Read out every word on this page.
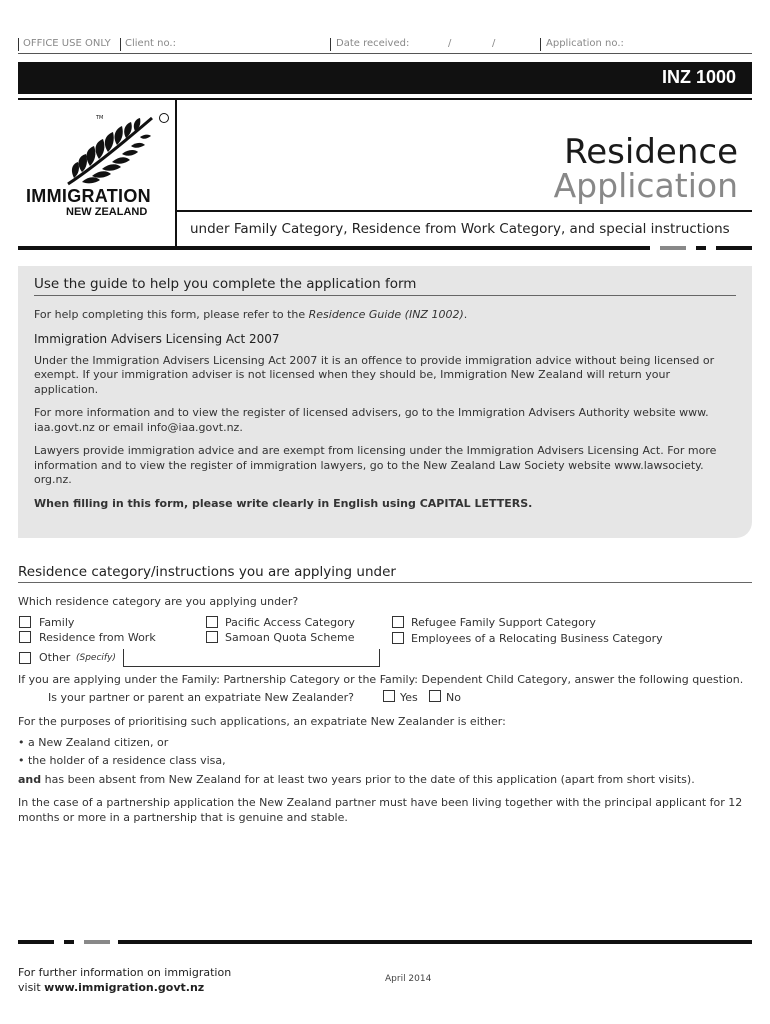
OFFICE USE ONLY Client no.:	Date received:	/	/	Application no.:
INZ 1000
TM
IMMIGRATION
NEW ZEALAND
Residence
Application
under Family Category, Residence from Work Category, and special instructions
Use the guide to help you complete the application form

For help completing this form, please refer to the Residence Guide (INZ 1002).

Immigration Advisers Licensing Act 2007

Under the Immigration Advisers Licensing Act 2007 it is an offence to provide immigration advice without being licensed or exempt. If your immigration adviser is not licensed when they should be, Immigration New Zealand will return your application.

For more information and to view the register of licensed advisers, go to the Immigration Advisers Authority website www. iaa.govt.nz or email info@iaa.govt.nz.

Lawyers provide immigration advice and are exempt from licensing under the Immigration Advisers Licensing Act. For more information and to view the register of immigration lawyers, go to the New Zealand Law Society website www.lawsociety. org.nz.

When filling in this form, please write clearly in English using CAPITAL LETTERS.

Residence category/instructions you are applying under
Which residence category are you applying under?
Family
Residence from Work
Pacific Access Category
Samoan Quota Scheme
Refugee Family Support Category
Employees of a Relocating Business Category
Other (Specify)
If you are applying under the Family: Partnership Category or the Family: Dependent Child Category, answer the following question.
Is your partner or parent an expatriate New Zealander?	Yes	No
For the purposes of prioritising such applications, an expatriate New Zealander is either:
• a New Zealand citizen, or
• the holder of a residence class visa,
and has been absent from New Zealand for at least two years prior to the date of this application (apart from short visits).
In the case of a partnership application the New Zealand partner must have been living together with the principal applicant for 12 months or more in a partnership that is genuine and stable.
For further information on immigration
visit www.immigration.govt.nz
April 2014
